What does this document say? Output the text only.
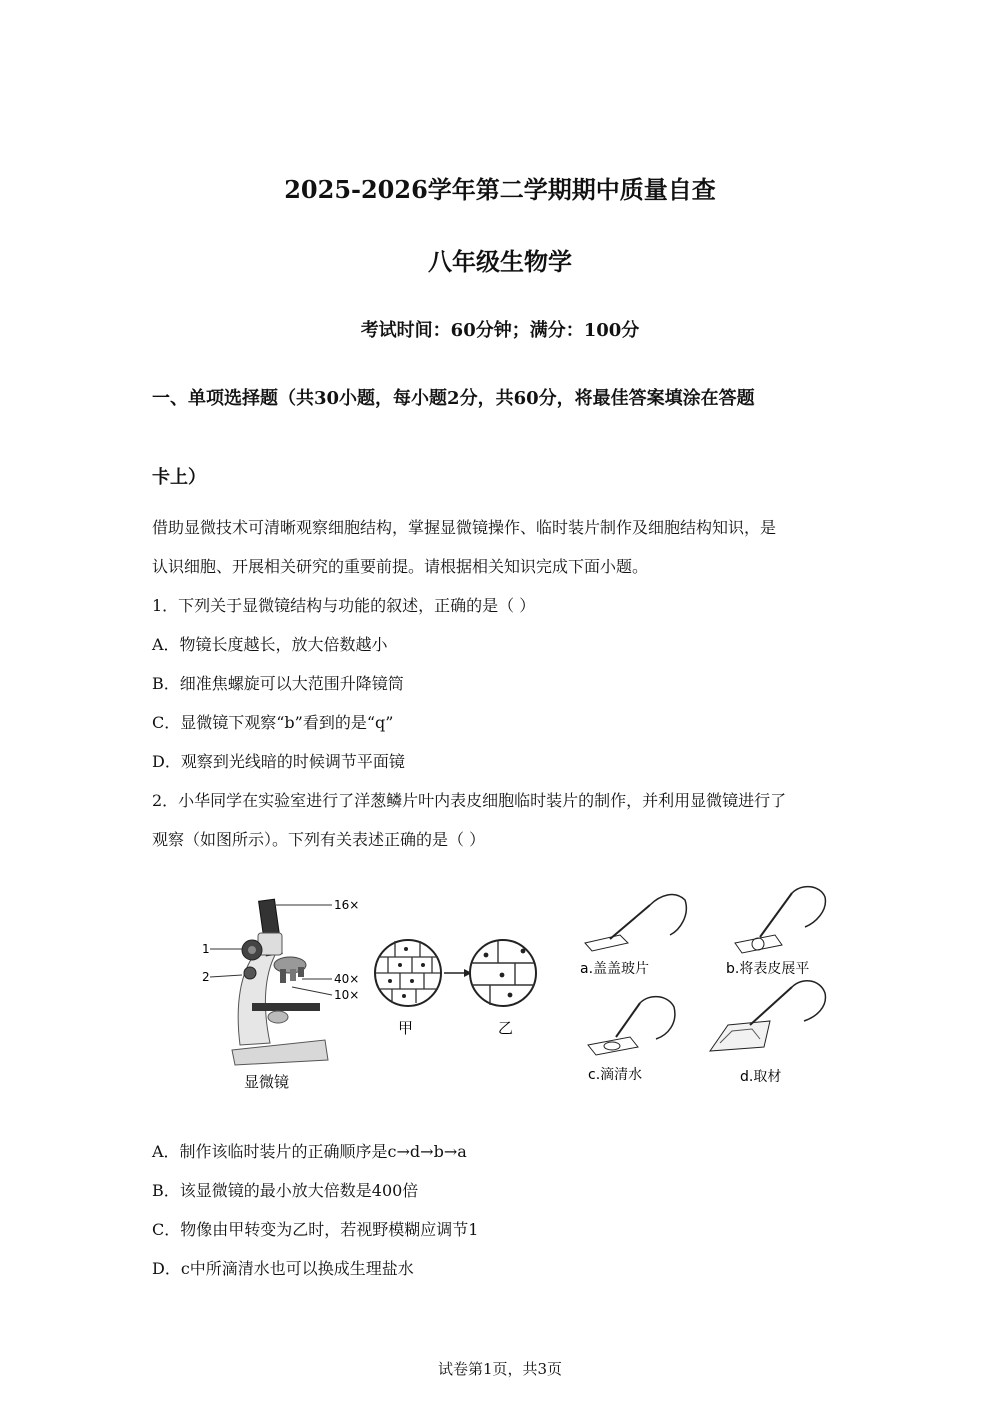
2025-2026学年第二学期期中质量自查
八年级生物学
考试时间：60分钟；满分：100分
一、单项选择题（共30小题，每小题2分，共60分，将最佳答案填涂在答题
卡上）
借助显微技术可清晰观察细胞结构，掌握显微镜操作、临时装片制作及细胞结构知识，是
认识细胞、开展相关研究的重要前提。请根据相关知识完成下面小题。
1．下列关于显微镜结构与功能的叙述，正确的是（ ）
A．物镜长度越长，放大倍数越小
B．细准焦螺旋可以大范围升降镜筒
C．显微镜下观察“b”看到的是“q”
D．观察到光线暗的时候调节平面镜
2．小华同学在实验室进行了洋葱鳞片叶内表皮细胞临时装片的制作，并利用显微镜进行了
观察（如图所示）。下列有关表述正确的是（ ）
16×
1
2	40×
10×
显微镜
甲	乙
a.盖盖玻片	b.将表皮展平
c.滴清水	d.取材
A．制作该临时装片的正确顺序是c→d→b→a
B．该显微镜的最小放大倍数是400倍
C．物像由甲转变为乙时，若视野模糊应调节1
D．c中所滴清水也可以换成生理盐水
试卷第1页，共3页
